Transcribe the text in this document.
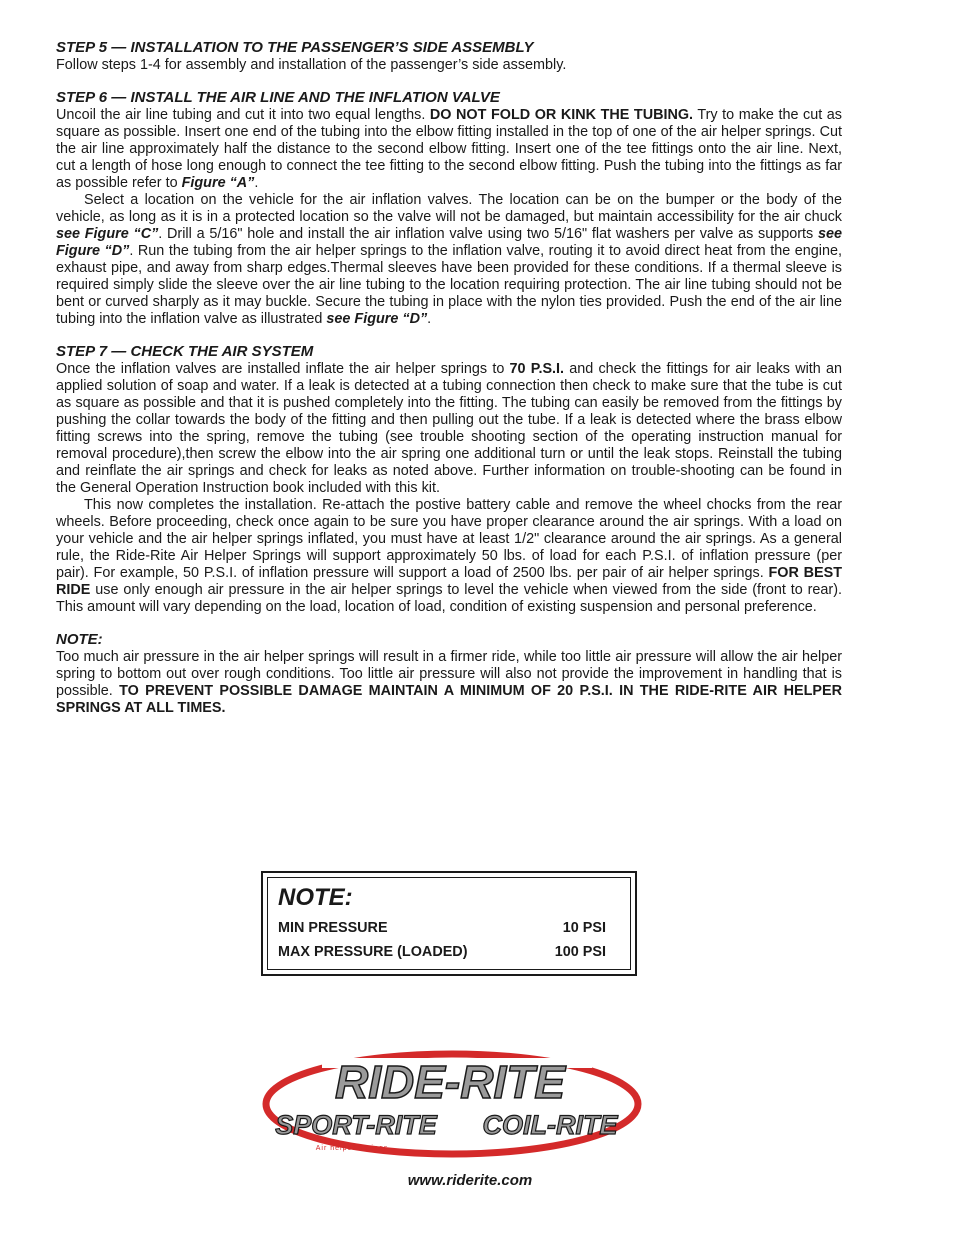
STEP 5 — INSTALLATION TO THE PASSENGER’S SIDE ASSEMBLY

Follow steps 1-4 for assembly and installation of the passenger’s side assembly.

STEP 6 — INSTALL THE AIR LINE AND THE INFLATION VALVE

Uncoil the air line tubing and cut it into two equal lengths. DO NOT FOLD OR KINK THE TUBING. Try to make the cut as square as possible. Insert one end of the tubing into the elbow fitting installed in the top of one of the air helper springs. Cut the air line approximately half the distance to the second elbow fitting. Insert one of the tee fittings onto the air line. Next, cut a length of hose long enough to connect the tee fitting to the second elbow fitting. Push the tubing into the fittings as far as possible refer to Figure “A”.

Select a location on the vehicle for the air inflation valves. The location can be on the bumper or the body of the vehicle, as long as it is in a protected location so the valve will not be damaged, but maintain accessibility for the air chuck see Figure “C”. Drill a 5/16" hole and install the air inflation valve using two 5/16" flat washers per valve as supports see Figure “D”. Run the tubing from the air helper springs to the inflation valve, routing it to avoid direct heat from the engine, exhaust pipe, and away from sharp edges.Thermal sleeves have been provided for these conditions. If a thermal sleeve is required simply slide the sleeve over the air line tubing to the location requiring protection. The air line tubing should not be bent or curved sharply as it may buckle. Secure the tubing in place with the nylon ties provided. Push the end of the air line tubing into the inflation valve as illustrated see Figure “D”.

STEP 7 — CHECK THE AIR SYSTEM

Once the inflation valves are installed inflate the air helper springs to 70 P.S.I. and check the fittings for air leaks with an applied solution of soap and water. If a leak is detected at a tubing connection then check to make sure that the tube is cut as square as possible and that it is pushed completely into the fitting. The tubing can easily be removed from the fittings by pushing the collar towards the body of the fitting and then pulling out the tube. If a leak is detected where the brass elbow fitting screws into the spring, remove the tubing (see trouble shooting section of the operating instruction manual for removal procedure),then screw the elbow into the air spring one additional turn or until the leak stops. Reinstall the tubing and reinflate the air springs and check for leaks as noted above. Further information on trouble-shooting can be found in the General Operation Instruction book included with this kit.

This now completes the installation. Re-attach the postive battery cable and remove the wheel chocks from the rear wheels. Before proceeding, check once again to be sure you have proper clearance around the air springs. With a load on your vehicle and the air helper springs inflated, you must have at least 1/2" clearance around the air springs. As a general rule, the Ride-Rite Air Helper Springs will support approximately 50 lbs. of load for each P.S.I. of inflation pressure (per pair). For example, 50 P.S.I. of inflation pressure will support a load of 2500 lbs. per pair of air helper springs. FOR BEST RIDE use only enough air pressure in the air helper springs to level the vehicle when viewed from the side (front to rear). This amount will vary depending on the load, location of load, condition of existing suspension and personal preference.

NOTE:

Too much air pressure in the air helper springs will result in a firmer ride, while too little air pressure will allow the air helper spring to bottom out over rough conditions. Too little air pressure will also not provide the improvement in handling that is possible. TO PREVENT POSSIBLE DAMAGE MAINTAIN A MINIMUM OF 20 P.S.I. IN THE RIDE-RITE AIR HELPER SPRINGS AT ALL TIMES.

NOTE:
MIN PRESSURE	10 PSI
MAX PRESSURE (LOADED)	100 PSI
RIDE-RITE
SPORT-RITE COIL-RITE
Air helper springs
www.riderite.com
